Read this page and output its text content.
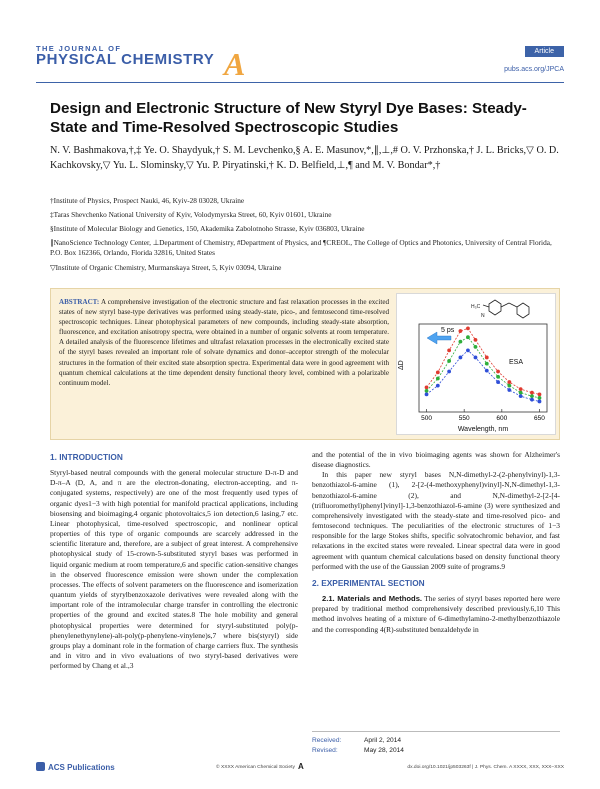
THE JOURNAL OF
PHYSICAL CHEMISTRY A	Article
pubs.acs.org/JPCA
Design and Electronic Structure of New Styryl Dye Bases: Steady-State and Time-Resolved Spectroscopic Studies
N. V. Bashmakova,†,‡ Ye. O. Shaydyuk,† S. M. Levchenko,§ A. E. Masunov,*,∥,⊥,# O. V. Przhonska,† J. L. Bricks,▽ O. D. Kachkovsky,▽ Yu. L. Slominsky,▽ Yu. P. Piryatinski,† K. D. Belfield,⊥,¶ and M. V. Bondar*,†
†Institute of Physics, Prospect Nauki, 46, Kyiv-28 03028, Ukraine
‡Taras Shevchenko National University of Kyiv, Volodymyrska Street, 60, Kyiv 01601, Ukraine
§Institute of Molecular Biology and Genetics, 150, Akademika Zabolotnoho Strasse, Kyiv 036803, Ukraine
∥NanoScience Technology Center, ⊥Department of Chemistry, #Department of Physics, and ¶CREOL, The College of Optics and Photonics, University of Central Florida, P.O. Box 162366, Orlando, Florida 32816, United States
▽Institute of Organic Chemistry, Murmanskaya Street, 5, Kyiv 03094, Ukraine
ABSTRACT: A comprehensive investigation of the electronic structure and fast relaxation processes in the excited states of new styryl base-type derivatives was performed using steady-state, pico-, and femtosecond time-resolved spectroscopic techniques. Linear photophysical parameters of new compounds, including steady-state absorption, fluorescence, and excitation anisotropy spectra, were obtained in a number of organic solvents at room temperature. A detailed analysis of the fluorescence lifetimes and ultrafast relaxation processes in the electronically excited state of the styryl bases revealed an important role of solvate dynamics and donor–acceptor strength of the molecular structures in the formation of their excited state absorption spectra. Experimental data were in good agreement with quantum chemical calculations at the time dependent density functional theory level, combined with a polarizable continuum model.
H₃C
N
500	550	600	650
ΔD
Wavelength, nm
5 ps
ESA
1. INTRODUCTION

Styryl-based neutral compounds with the general molecular structure D-π-D and D-π–A (D, A, and π are the electron-donating, electron-accepting, and π-conjugated systems, respectively) are one of the most frequently used types of organic dyes1−3 with high potential for manifold practical applications, including biosensing and bioimaging,4 organic photovoltaics,5 ion detection,6 lasing,7 etc. Linear photophysical, time-resolved spectroscopic, and nonlinear optical properties of this type of organic compounds are scarcely addressed in the scientific literature and, therefore, are a subject of great interest. A comprehensive photophysical study of 15-crown-5-substituted styryl bases was performed in liquid organic medium at room temperature,6 and specific cation-sensitive changes in the observed fluorescence emission were shown under the complexation processes. The effects of solvent parameters on the fluorescence and isomerization quantum yields of styrylbenzoxazole derivatives were revealed along with the important role of the intramolecular charge transfer in controlling the electronic properties of the ground and excited states.8 The hole mobility and general photophysical properties were determined for styryl-substituted poly(p-phenylenethynylene)-alt-poly(p-phenylene-vinylene)s,7 where bis(styryl) side groups play a dominant role in the formation of charge carriers flux. The synthesis and in vitro and in vivo evaluations of two styryl-based derivatives were performed by Chang et al.,3

and the potential of the in vivo bioimaging agents was shown for Alzheimer's disease diagnostics.

In this paper new styryl bases N,N-dimethyl-2-(2-phenylvinyl)-1,3-benzothiazol-6-amine (1), 2-[2-(4-methoxyphenyl)vinyl]-N,N-dimethyl-1,3-benzothiazol-6-amine (2), and N,N-dimethyl-2-[2-[4-(trifluoromethyl)phenyl]vinyl]-1,3-benzothiazol-6-amine (3) were synthesized and comprehensively investigated with the steady-state and time-resolved pico- and femtosecond techniques. The peculiarities of the electronic structures of 1−3 responsible for the large Stokes shifts, specific solvatochromic behavior, and fast relaxations in the excited states were revealed. Linear spectral data were in good agreement with quantum chemical calculations based on density functional theory performed with the use of the Gaussian 2009 suite of programs.9

2. EXPERIMENTAL SECTION

2.1. Materials and Methods. The series of styryl bases reported here were prepared by traditional method comprehensively described previously.6,10 This method involves heating of a mixture of 6-dimethylamino-2-methylbenzothiazole and the corresponding 4(R)-substituted benzaldehyde in

Received:	April 2, 2014
Revised:	May 28, 2014
ACS Publications	© XXXX American Chemical Society A	dx.doi.org/10.1021/jp503263f | J. Phys. Chem. A XXXX, XXX, XXX−XXX
